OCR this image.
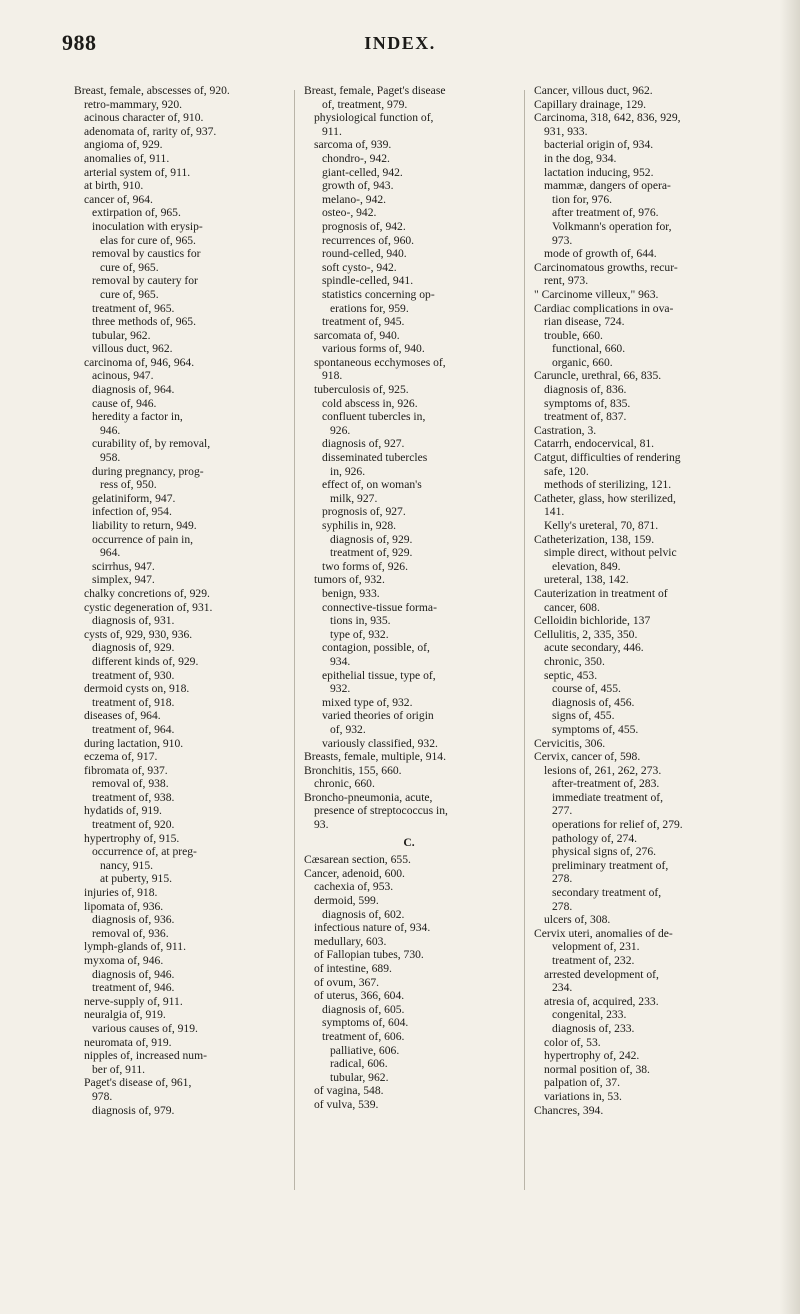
988	INDEX.
Breast, female, abscesses of, 920.
retro-mammary, 920.
acinous character of, 910.
adenomata of, rarity of, 937.
angioma of, 929.
anomalies of, 911.
arterial system of, 911.
at birth, 910.
cancer of, 964.
extirpation of, 965.
inoculation with erysip-
elas for cure of, 965.
removal by caustics for
cure of, 965.
removal by cautery for
cure of, 965.
treatment of, 965.
three methods of, 965.
tubular, 962.
villous duct, 962.
carcinoma of, 946, 964.
acinous, 947.
diagnosis of, 964.
cause of, 946.
heredity a factor in,
946.
curability of, by removal,
958.
during pregnancy, prog-
ress of, 950.
gelatiniform, 947.
infection of, 954.
liability to return, 949.
occurrence of pain in,
964.
scirrhus, 947.
simplex, 947.
chalky concretions of, 929.
cystic degeneration of, 931.
diagnosis of, 931.
cysts of, 929, 930, 936.
diagnosis of, 929.
different kinds of, 929.
treatment of, 930.
dermoid cysts on, 918.
treatment of, 918.
diseases of, 964.
treatment of, 964.
during lactation, 910.
eczema of, 917.
fibromata of, 937.
removal of, 938.
treatment of, 938.
hydatids of, 919.
treatment of, 920.
hypertrophy of, 915.
occurrence of, at preg-
nancy, 915.
at puberty, 915.
injuries of, 918.
lipomata of, 936.
diagnosis of, 936.
removal of, 936.
lymph-glands of, 911.
myxoma of, 946.
diagnosis of, 946.
treatment of, 946.
nerve-supply of, 911.
neuralgia of, 919.
various causes of, 919.
neuromata of, 919.
nipples of, increased num-
ber of, 911.
Paget's disease of, 961,
978.
diagnosis of, 979.
Breast, female, Paget's disease
of, treatment, 979.
physiological function of,
911.
sarcoma of, 939.
chondro-, 942.
giant-celled, 942.
growth of, 943.
melano-, 942.
osteo-, 942.
prognosis of, 942.
recurrences of, 960.
round-celled, 940.
soft cysto-, 942.
spindle-celled, 941.
statistics concerning op-
erations for, 959.
treatment of, 945.
sarcomata of, 940.
various forms of, 940.
spontaneous ecchymoses of,
918.
tuberculosis of, 925.
cold abscess in, 926.
confluent tubercles in,
926.
diagnosis of, 927.
disseminated tubercles
in, 926.
effect of, on woman's
milk, 927.
prognosis of, 927.
syphilis in, 928.
diagnosis of, 929.
treatment of, 929.
two forms of, 926.
tumors of, 932.
benign, 933.
connective-tissue forma-
tions in, 935.
type of, 932.
contagion, possible, of,
934.
epithelial tissue, type of,
932.
mixed type of, 932.
varied theories of origin
of, 932.
variously classified, 932.
Breasts, female, multiple, 914.
Bronchitis, 155, 660.
chronic, 660.
Broncho-pneumonia, acute,
presence of streptococcus in,
93.
C.
Cæsarean section, 655.
Cancer, adenoid, 600.
cachexia of, 953.
dermoid, 599.
diagnosis of, 602.
infectious nature of, 934.
medullary, 603.
of Fallopian tubes, 730.
of intestine, 689.
of ovum, 367.
of uterus, 366, 604.
diagnosis of, 605.
symptoms of, 604.
treatment of, 606.
palliative, 606.
radical, 606.
tubular, 962.
of vagina, 548.
of vulva, 539.
Cancer, villous duct, 962.
Capillary drainage, 129.
Carcinoma, 318, 642, 836, 929,
931, 933.
bacterial origin of, 934.
in the dog, 934.
lactation inducing, 952.
mammæ, dangers of opera-
tion for, 976.
after treatment of, 976.
Volkmann's operation for,
973.
mode of growth of, 644.
Carcinomatous growths, recur-
rent, 973.
" Carcinome villeux," 963.
Cardiac complications in ova-
rian disease, 724.
trouble, 660.
functional, 660.
organic, 660.
Caruncle, urethral, 66, 835.
diagnosis of, 836.
symptoms of, 835.
treatment of, 837.
Castration, 3.
Catarrh, endocervical, 81.
Catgut, difficulties of rendering
safe, 120.
methods of sterilizing, 121.
Catheter, glass, how sterilized,
141.
Kelly's ureteral, 70, 871.
Catheterization, 138, 159.
simple direct, without pelvic
elevation, 849.
ureteral, 138, 142.
Cauterization in treatment of
cancer, 608.
Celloidin bichloride, 137
Cellulitis, 2, 335, 350.
acute secondary, 446.
chronic, 350.
septic, 453.
course of, 455.
diagnosis of, 456.
signs of, 455.
symptoms of, 455.
Cervicitis, 306.
Cervix, cancer of, 598.
lesions of, 261, 262, 273.
after-treatment of, 283.
immediate treatment of,
277.
operations for relief of, 279.
pathology of, 274.
physical signs of, 276.
preliminary treatment of,
278.
secondary treatment of,
278.
ulcers of, 308.
Cervix uteri, anomalies of de-
velopment of, 231.
treatment of, 232.
arrested development of,
234.
atresia of, acquired, 233.
congenital, 233.
diagnosis of, 233.
color of, 53.
hypertrophy of, 242.
normal position of, 38.
palpation of, 37.
variations in, 53.
Chancres, 394.
